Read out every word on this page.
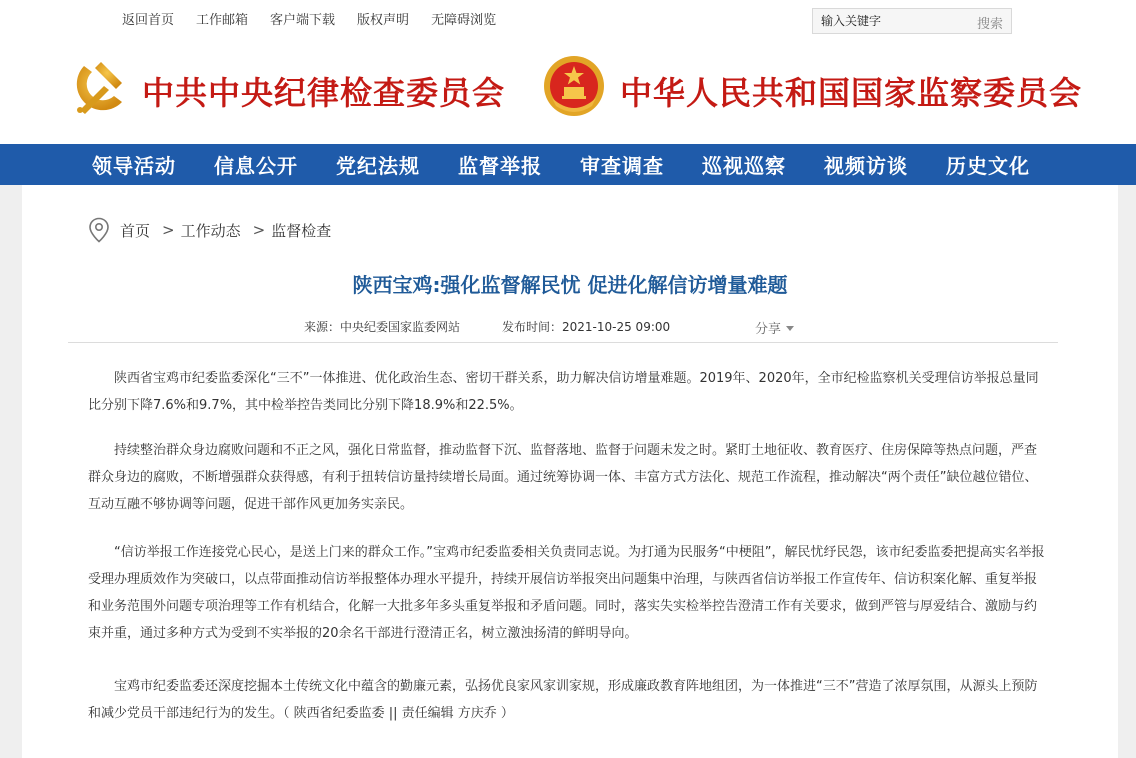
返回首页 工作邮箱 客户端下载 版权声明 无障碍浏览
输入关键字	搜索
中共中央纪律检查委员会	中华人民共和国国家监察委员会
领导活动 信息公开 党纪法规 监督举报 审查调查 巡视巡察 视频访谈 历史文化
首页 > 工作动态 > 监督检查
陕西宝鸡:强化监督解民忧 促进化解信访增量难题
来源：中央纪委国家监委网站	发布时间：2021-10-25 09:00	分享

陕西省宝鸡市纪委监委深化“三不”一体推进、优化政治生态、密切干群关系，助力解决信访增量难题。2019年、2020年，全市纪检监察机关受理信访举报总量同比分别下降7.6%和9.7%，其中检举控告类同比分别下降18.9%和22.5%。

持续整治群众身边腐败问题和不正之风，强化日常监督，推动监督下沉、监督落地、监督于问题未发之时。紧盯土地征收、教育医疗、住房保障等热点问题，严查群众身边的腐败，不断增强群众获得感，有利于扭转信访量持续增长局面。通过统筹协调一体、丰富方式方法化、规范工作流程，推动解决“两个责任”缺位越位错位、互动互融不够协调等问题，促进干部作风更加务实亲民。

“信访举报工作连接党心民心，是送上门来的群众工作。”宝鸡市纪委监委相关负责同志说。为打通为民服务“中梗阻”，解民忧纾民怨，该市纪委监委把提高实名举报受理办理质效作为突破口，以点带面推动信访举报整体办理水平提升，持续开展信访举报突出问题集中治理，与陕西省信访举报工作宣传年、信访积案化解、重复举报和业务范围外问题专项治理等工作有机结合，化解一大批多年多头重复举报和矛盾问题。同时，落实失实检举控告澄清工作有关要求，做到严管与厚爱结合、激励与约束并重，通过多种方式为受到不实举报的20余名干部进行澄清正名，树立激浊扬清的鲜明导向。

宝鸡市纪委监委还深度挖掘本土传统文化中蕴含的勤廉元素，弘扬优良家风家训家规，形成廉政教育阵地组团，为一体推进“三不”营造了浓厚氛围，从源头上预防和减少党员干部违纪行为的发生。（ 陕西省纪委监委 || 责任编辑 方庆乔 ）
